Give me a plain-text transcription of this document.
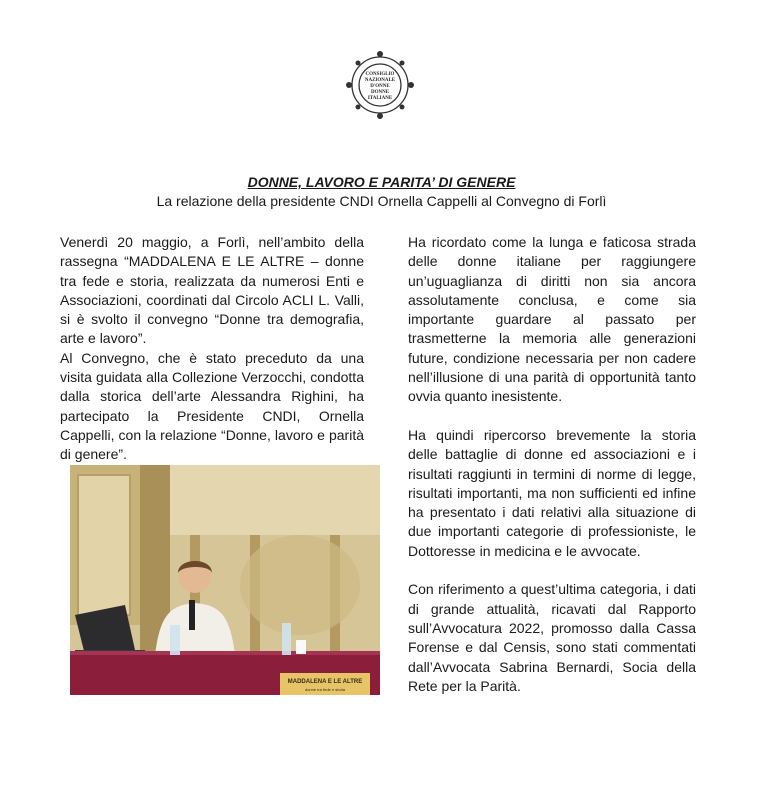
CONSIGLIO
NAZIONALE
D'ONNE
DONNE
ITALIANE
DONNE, LAVORO E PARITA’ DI GENERE
La relazione della presidente CNDI Ornella Cappelli al Convegno di Forlì

Venerdì 20 maggio, a Forlì, nell’ambito della rassegna “MADDALENA E LE ALTRE – donne tra fede e storia, realizzata da numerosi Enti e Associazioni, coordinati dal Circolo ACLI L. Valli, si è svolto il convegno “Donne tra demografia, arte e lavoro”.

Al Convegno, che è stato preceduto da una visita guidata alla Collezione Verzocchi, condotta dalla storica dell’arte Alessandra Righini, ha partecipato la Presidente CNDI, Ornella Cappelli, con la relazione “Donne, lavoro e parità di genere”.

Ha ricordato come la lunga e faticosa strada delle donne italiane per raggiungere un’uguaglianza di diritti non sia ancora assolutamente conclusa, e come sia importante guardare al passato per trasmetterne la memoria alle generazioni future, condizione necessaria per non cadere nell’illusione di una parità di opportunità tanto ovvia quanto inesistente.

Ha quindi ripercorso brevemente la storia delle battaglie di donne ed associazioni e i risultati raggiunti in termini di norme di legge, risultati importanti, ma non sufficienti ed infine ha presentato i dati relativi alla situazione di due importanti categorie di professioniste, le Dottoresse in medicina e le avvocate.

Con riferimento a quest’ultima categoria, i dati di grande attualità, ricavati dal Rapporto sull’Avvocatura 2022, promosso dalla Cassa Forense e dal Censis, sono stati commentati dall’Avvocata Sabrina Bernardi, Socia della Rete per la Parità.

MADDALENA E LE ALTRE
donne tra fede e storia
